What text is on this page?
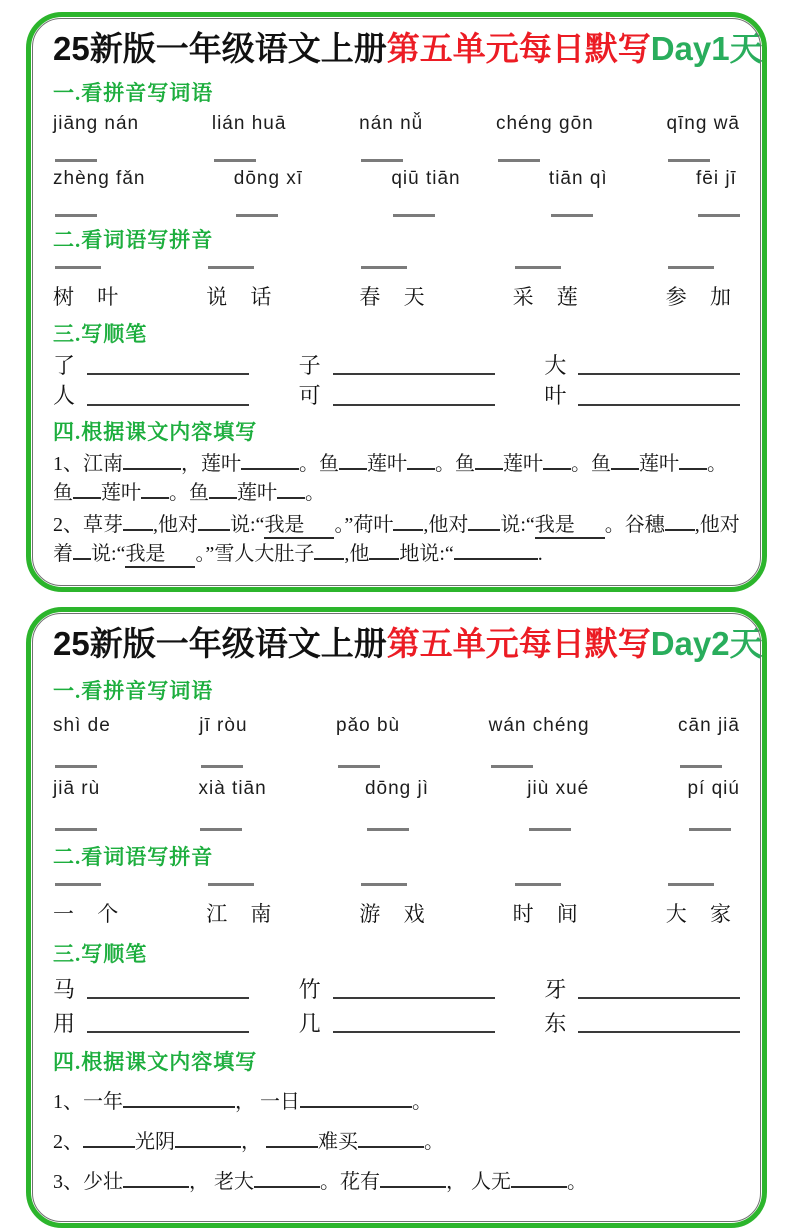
25新版一年级语文上册第五单元每日默写Day1天
一.看拼音写词语
jiāng nán	lián huā	nán nǚ	chéng gōn	qīng wā
zhèng fǎn	dōng xī	qiū tiān	tiān qì	fēi jī
二.看词语写拼音
树 叶	说 话	春 天	采 莲	参 加
三.写顺笔
了	子	大
人	可	叶
四.根据课文内容填写

1、江南	，莲叶	。鱼 莲叶 。鱼 莲叶 。鱼 莲叶 。鱼 莲叶 。鱼 莲叶 。

2、草芽 ,他对 说:“我是 。”荷叶 ,他对 说:“我是 。谷穗 ,他对着 说:“我是 。”雪人大肚子 ,他 地说:“	.

25新版一年级语文上册第五单元每日默写Day2天
一.看拼音写词语
shì de	jī ròu	pǎo bù	wán chéng	cān jiā
jiā rù	xià tiān	dōng jì	jiù xué	pí qiú
二.看词语写拼音
一 个	江 南	游 戏	时 间	大 家
三.写顺笔
马	竹	牙
用	几	东
四.根据课文内容填写

1、一年	， 一日	。

2、	光阴	，	难买	。

3、少壮	， 老大	。花有	， 人无	。
